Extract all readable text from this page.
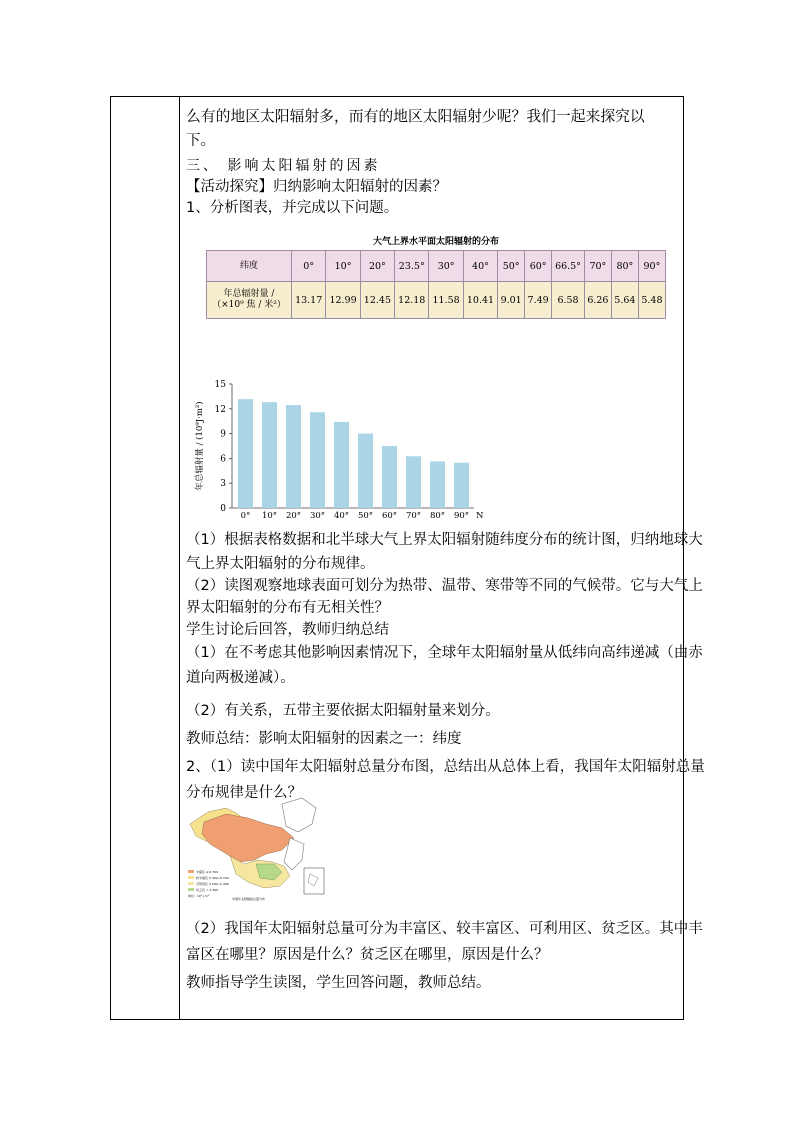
么有的地区太阳辐射多，而有的地区太阳辐射少呢？我们一起来探究以
下。
三、 影响太阳辐射的因素
【活动探究】归纳影响太阳辐射的因素？
1、分析图表，并完成以下问题。
大气上界水平面太阳辐射的分布
纬度	0°	10°	20°	23.5°	30°	40°	50°	60°	66.5°	70°	80°	90°

年总辐射量 /
（×10⁹ 焦 / 米²）	13.17	12.99	12.45	12.18	11.58	10.41	9.01	7.49	6.58	6.26	5.64	5.48
0
3
6
9
12
15
年总辐射量 / (10⁹J·m²)
0° 10° 20° 30° 40° 50° 60° 70° 80° 90° N
（1）根据表格数据和北半球大气上界太阳辐射随纬度分布的统计图，归纳地球大
气上界太阳辐射的分布规律。
（2）读图观察地球表面可划分为热带、温带、寒带等不同的气候带。它与大气上
界太阳辐射的分布有无相关性？
学生讨论后回答，教师归纳总结
（1）在不考虑其他影响因素情况下，全球年太阳辐射量从低纬向高纬递减（由赤
道向两极递减）。
（2）有关系，五带主要依据太阳辐射量来划分。
教师总结：影响太阳辐射的因素之一：纬度
2、（1）读中国年太阳辐射总量分布图，总结出从总体上看，我国年太阳辐射总量
分布规律是什么？
丰富区 ≥ 6 700
较丰富区 5 400~6 700
可利用区 4 200~5 400
贫乏区 < 4 200
单位：10⁶ J·m²
中国年太阳辐射总量分布
（2）我国年太阳辐射总量可分为丰富区、较丰富区、可利用区、贫乏区。其中丰
富区在哪里？原因是什么？贫乏区在哪里，原因是什么？
教师指导学生读图，学生回答问题，教师总结。
